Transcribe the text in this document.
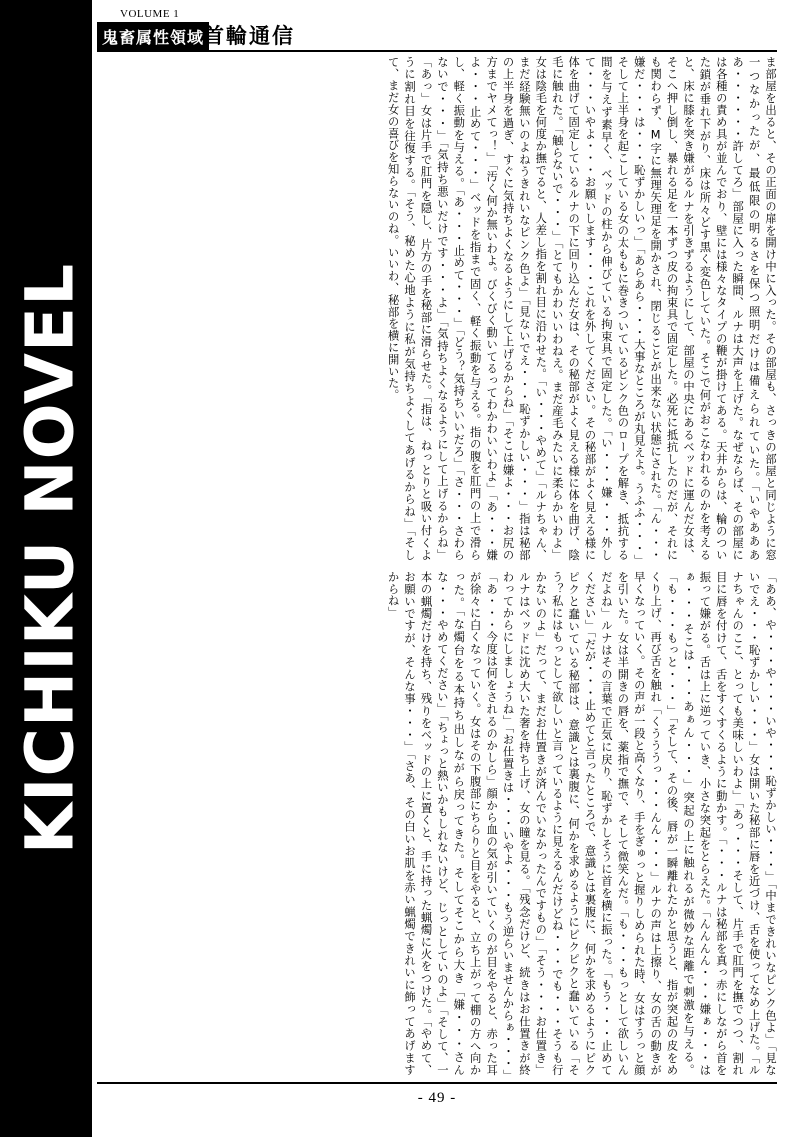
KICHIKU NOVEL
VOLUME 1
鬼畜属性領域
首輪通信
ま部屋を出ると、その正面の扉を開け中に入った。その部屋も、さっきの部屋と同じように窓一つなかったが、最低限の明るさを保つ照明だけは備えられていた。「いやああああ・・・・・・許してろ」部屋に入った瞬間、ルナは大声を上げた。なぜならば、その部屋には各種の責め具が並んでおり、壁には様々なタイプの鞭が掛けてある。天井からは、輪のついた鎖が垂れ下がり、床は所々どす黒く変色していた。そこで何がおこなわれるのかを考えると、床に膝を突き嫌がるルナを引きずるようにして、部屋の中央にあるベッドに運んだ女は、そこへ押し倒し、暴れる足を一本ずつ皮の拘束具で固定した。必死に抵抗したのだが、それにも関わらず、M字に無理矢理足を開かされ、閉じることが出来ない状態にされた。「ん・・・嫌だ・・・は・・・恥ずかしいっ」「あらあら・・・大事なところが丸見えよ。うふふ・・・」そして上半身を起こしている女の太ももに巻きついているピンク色のロープを解き、抵抗する間を与えず素早く、ベッドの柱から伸びている拘束具で固定した。「い・・・嫌・・・外して・・・いやよ・・・お願いします・・・これを外してください。その秘部がよく見える様に体を曲げて固定しているルナの下に回り込んだ女は、その秘部がよく見える様に体を曲げ、陰毛に触れた。「触らないで・・・」「とてもかわいいわねえ。まだ産毛みたいに柔らかいわよ」女は陰毛を何度か撫でると、人差し指を割れ目に沿わせた。「い・・・やめて」「ルナちゃん、まだ経験無いのよねうきれいなピンク色よ」「見ないでえ・・・恥ずかしい・・・」指は秘部の上半身を過ぎ、すぐに気持ちよくなるようにして上げるからね」「そこは嫌よ・・・お尻の方までヤメてっ！」「汚く何か無いわよ。びくびく動いてるってわかわいいわよ」「あ・・・嫌よ・・・止めて・・・」ベッドを指まで固く、軽く振動を与える。指の腹を肛門の上で滑らし、軽く振動を与える。「あ・・・止めて・・・」「どう？気持ちいいだろ」「さ・・・さわらないで・・・」「気持ち悪いだけです・・・よ」「気持ちよくなるようにして上げるからね」「あっ」女は片手で肛門を隠し、片方の手を秘部に滑らせた。「指は、ねっとりと吸い付くように割れ目を往復する。「そう、秘めた心地ように私が気持ちよくしてあげるからね」「そして、まだ女の喜びを知らないのね。いいわ、秘部を横に開いた。
「ああ、や・・・や・・・いや・・・恥ずかしい・・・」「中まできれいなピンク色よ」「見ないでえ・・・恥ずかしい・・・」女は開いた秘部に唇を近づけ、舌を使ってなめ上げた。「ルナちゃんのここ、とっても美味しいわよ」「あっ・・・そして、片手で肛門を撫でつつ、割れ目に唇を付けて、舌をすくすくるように動かす。「・・・ルナは秘部を真っ赤にしながら首を振って嫌がる。舌は上に逆っていき、小さな突起をとらえた。「んんんん・・・嫌ぁ・・・はぁ・・・そこは・・・あぁん・・・」突起の上に触れるが微妙な距離で刺激を与える。「も・・・もっと・・・」「そして、その後、唇が一瞬離れたかと思うと、指が突起の皮をめくり上げ、再び舌を触れ「くうううっ・・・んん・・・」ルナの声は上擦り、女の舌の動きが早くなっていく。その声が一段と高くなり、手をぎゅっと握りしめられた時、女はすうっと顔を引いた。女は半開きの唇を、薬指で撫で、そして微笑んだ。「も・・・もっとして欲しいんだよね」ルナはその言葉で正気に戻り、恥ずかしそうに首を横に振った。「もう・・・止めてください」「だが・・・止めてと言ったところで、意識とは裏腹に、何かを求めるようにピクピクと蠢いている秘部は、意識とは裏腹に、何かを求めるようにピクピクと蠢いている「そう？私にはもっとして欲しいと言っているように見えるんだけどね・・・でも・・・そうも行かないのよ」だって、まだお仕置きが済んでいなかったんですもの」「そう・・・お仕置き」ルナはベッドに沈め大いた奢を持ち上げ、女の瞳を見る。「残念だけど、続きはお仕置きが終わってからにしましょうね」「お仕置きは・・・いやよ・・・もう逆らいませんからぁ・・・」「あ・・・今度は何をされるのかしら」顔から血の気が引いていくのが目をやると、赤った耳が徐々に白くなっていく。女はその下腹部にちらりと目をやると、立ち上がって棚の方へ向かった。「な燭台をる本持ち出しながら戻ってきた。そしてそこから大き「嫌・・・さんな・・・やめてください」「ちょっと熱いかもしれないけど、じっとしていのよ」「そして、一本の蝋燭だけを持ち、残りをベッドの上に置くと、手に持った蝋燭に火をつけた。「やめて、お願いですが、そんな事・・・」「さあ、その白いお肌を赤い蝋燭できれいに飾ってあげますからね」
- 49 -
